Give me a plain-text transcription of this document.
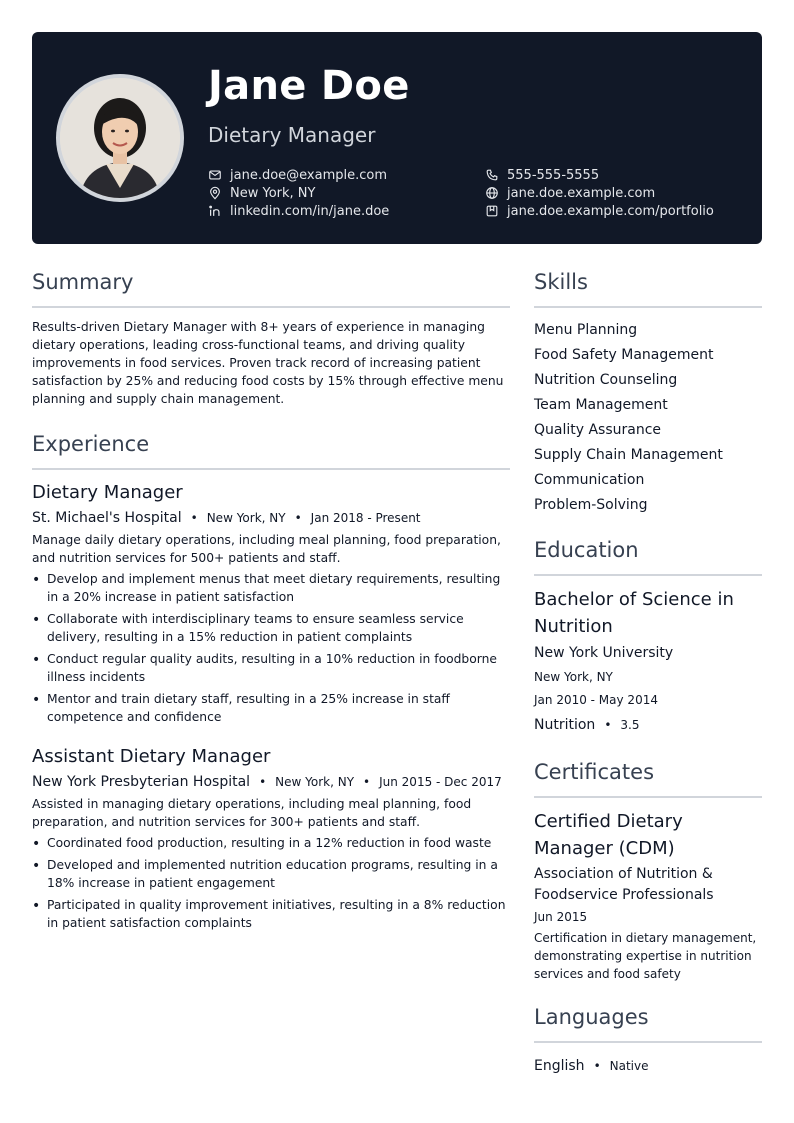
Jane Doe
Dietary Manager
jane.doe@example.com	555-555-5555
New York, NY	jane.doe.example.com
linkedin.com/in/jane.doe	jane.doe.example.com/portfolio
Summary
Results-driven Dietary Manager with 8+ years of experience in managing dietary operations, leading cross-functional teams, and driving quality improvements in food services. Proven track record of increasing patient satisfaction by 25% and reducing food costs by 15% through effective menu planning and supply chain management.
Experience
Dietary Manager
St. Michael's Hospital • New York, NY • Jan 2018 - Present
Manage daily dietary operations, including meal planning, food preparation, and nutrition services for 500+ patients and staff.
• Develop and implement menus that meet dietary requirements, resulting in a 20% increase in patient satisfaction
• Collaborate with interdisciplinary teams to ensure seamless service delivery, resulting in a 15% reduction in patient complaints
• Conduct regular quality audits, resulting in a 10% reduction in foodborne illness incidents
• Mentor and train dietary staff, resulting in a 25% increase in staff competence and confidence
Assistant Dietary Manager
New York Presbyterian Hospital • New York, NY • Jun 2015 - Dec 2017
Assisted in managing dietary operations, including meal planning, food preparation, and nutrition services for 300+ patients and staff.
• Coordinated food production, resulting in a 12% reduction in food waste
• Developed and implemented nutrition education programs, resulting in a 18% increase in patient engagement
• Participated in quality improvement initiatives, resulting in a 8% reduction in patient satisfaction complaints
Skills
Menu Planning
Food Safety Management
Nutrition Counseling
Team Management
Quality Assurance
Supply Chain Management
Communication
Problem-Solving
Education
Bachelor of Science in Nutrition
New York University
New York, NY
Jan 2010 - May 2014
Nutrition • 3.5
Certificates
Certified Dietary Manager (CDM)
Association of Nutrition & Foodservice Professionals
Jun 2015
Certification in dietary management, demonstrating expertise in nutrition services and food safety
Languages
English • Native
